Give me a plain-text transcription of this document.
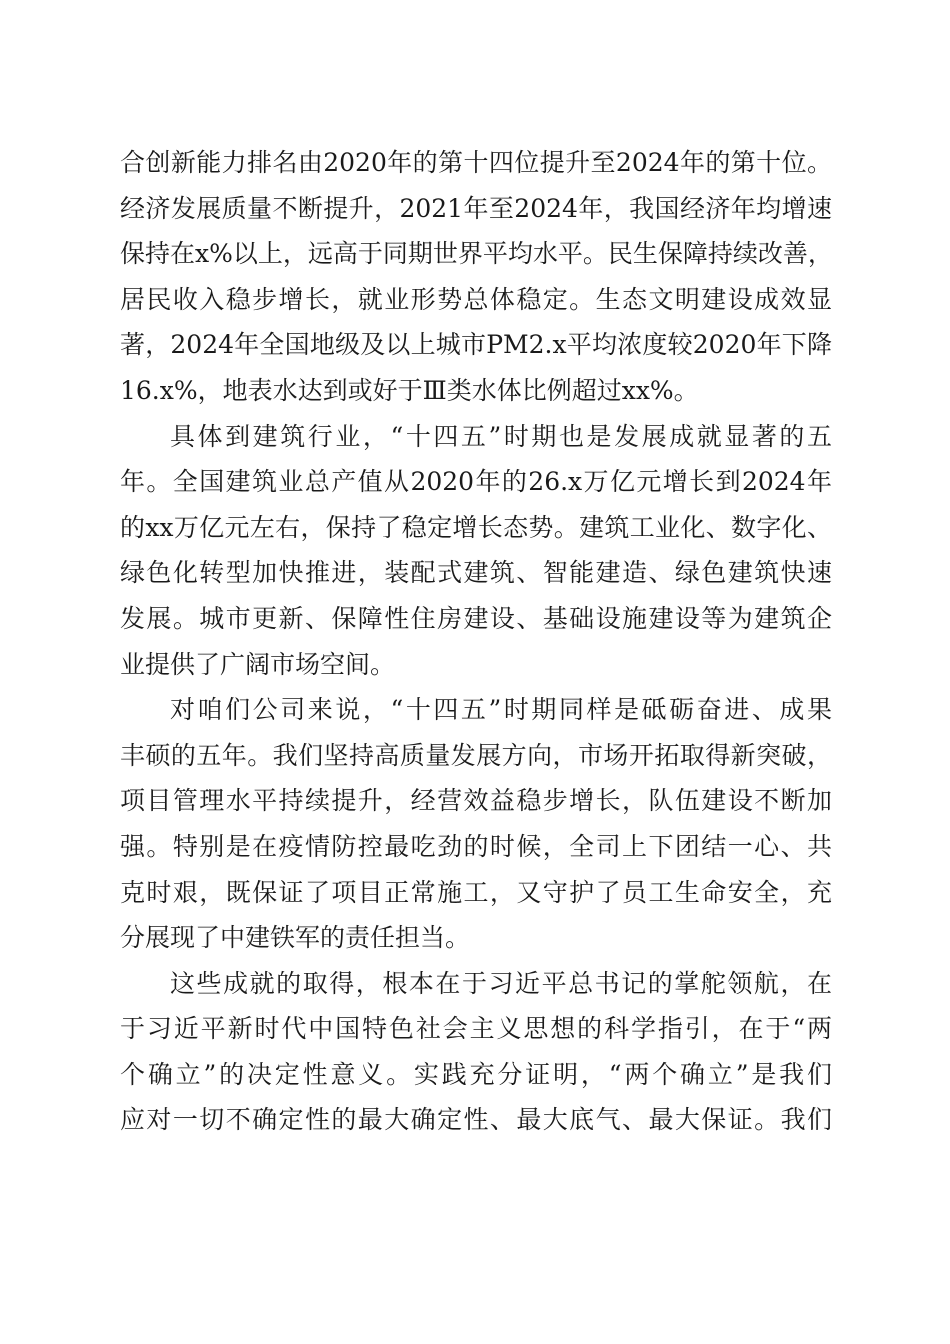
合创新能力排名由2020年的第十四位提升至2024年的第十位。
经济发展质量不断提升，2021年至2024年，我国经济年均增速
保持在x%以上，远高于同期世界平均水平。民生保障持续改善，
居民收入稳步增长，就业形势总体稳定。生态文明建设成效显
著，2024年全国地级及以上城市PM2.x平均浓度较2020年下降
16.x%，地表水达到或好于Ⅲ类水体比例超过xx%。
具体到建筑行业，“十四五”时期也是发展成就显著的五
年。全国建筑业总产值从2020年的26.x万亿元增长到2024年
的xx万亿元左右，保持了稳定增长态势。建筑工业化、数字化、
绿色化转型加快推进，装配式建筑、智能建造、绿色建筑快速
发展。城市更新、保障性住房建设、基础设施建设等为建筑企
业提供了广阔市场空间。
对咱们公司来说，“十四五”时期同样是砥砺奋进、成果
丰硕的五年。我们坚持高质量发展方向，市场开拓取得新突破，
项目管理水平持续提升，经营效益稳步增长，队伍建设不断加
强。特别是在疫情防控最吃劲的时候，全司上下团结一心、共
克时艰，既保证了项目正常施工，又守护了员工生命安全，充
分展现了中建铁军的责任担当。
这些成就的取得，根本在于习近平总书记的掌舵领航，在
于习近平新时代中国特色社会主义思想的科学指引，在于“两
个确立”的决定性意义。实践充分证明，“两个确立”是我们
应对一切不确定性的最大确定性、最大底气、最大保证。我们
